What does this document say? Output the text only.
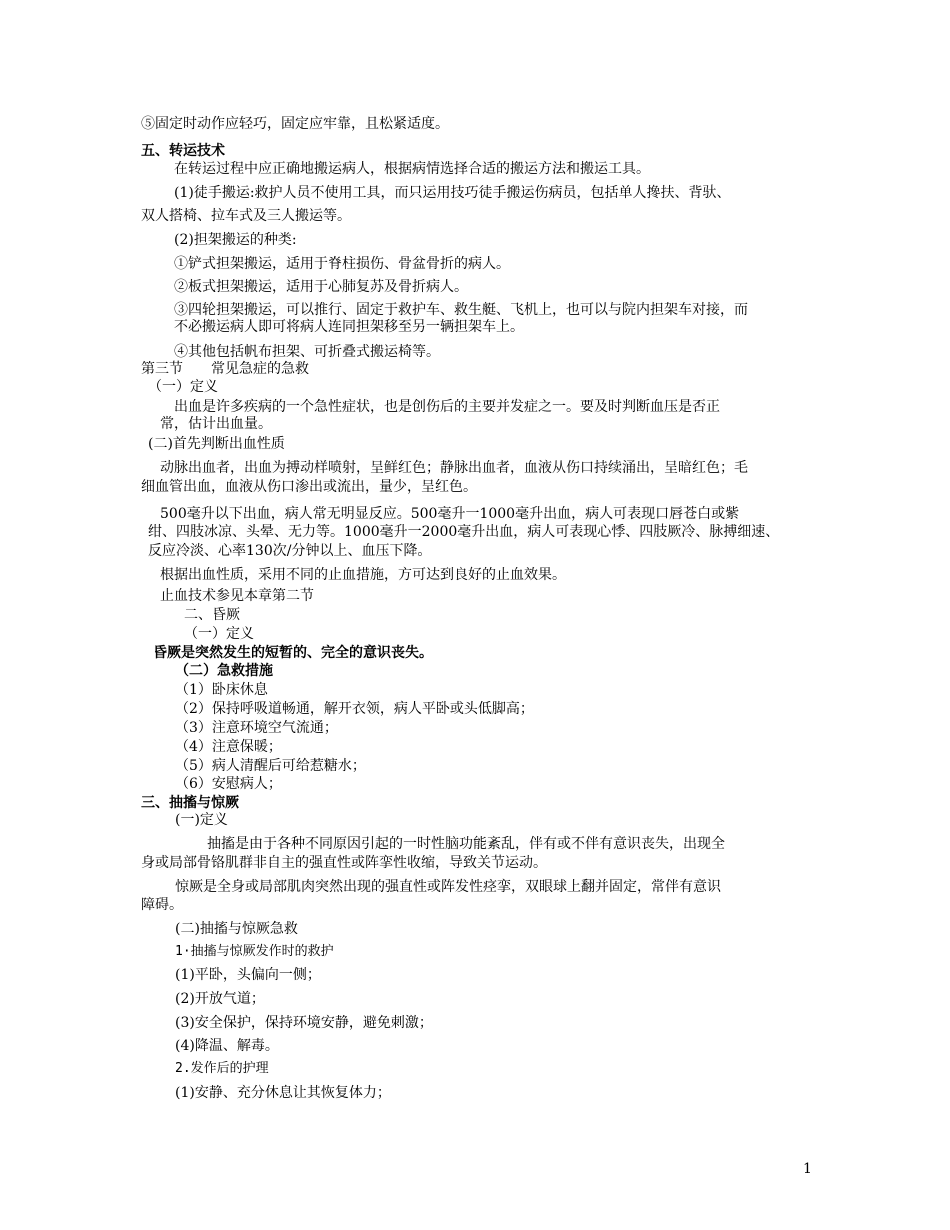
⑤固定时动作应轻巧，固定应牢靠，且松紧适度。
五、转运技术
在转运过程中应正确地搬运病人，根据病情选择合适的搬运方法和搬运工具。
(1)徒手搬运:救护人员不使用工具，而只运用技巧徒手搬运伤病员，包括单人搀扶、背驮、
双人搭椅、拉车式及三人搬运等。
(2)担架搬运的种类:
①铲式担架搬运，适用于脊柱损伤、骨盆骨折的病人。
②板式担架搬运，适用于心肺复苏及骨折病人。
③四轮担架搬运，可以推行、固定于救护车、救生艇、飞机上，也可以与院内担架车对接，而
不必搬运病人即可将病人连同担架移至另一辆担架车上。
④其他包括帆布担架、可折叠式搬运椅等。
第三节　　常见急症的急救
（一）定义
出血是许多疾病的一个急性症状，也是创伤后的主要并发症之一。要及时判断血压是否正
常，估计出血量。
(二)首先判断出血性质
动脉出血者，出血为搏动样喷射，呈鲜红色；静脉出血者，血液从伤口持续涌出，呈暗红色；毛
细血管出血，血液从伤口渗出或流出，量少，呈红色。
500毫升以下出血，病人常无明显反应。500毫升一1000毫升出血，病人可表现口唇苍白或紫
绀、四肢冰凉、头晕、无力等。1000毫升一2000毫升出血，病人可表现心悸、四肢厥冷、脉搏细速、
反应冷淡、心率130次/分钟以上、血压下降。
根据出血性质，采用不同的止血措施，方可达到良好的止血效果。
止血技术参见本章第二节
二、昏厥
（一）定义
昏厥是突然发生的短暂的、完全的意识丧失。
（二）急救措施
（1）卧床休息
（2）保持呼吸道畅通，解开衣领，病人平卧或头低脚高；
（3）注意环境空气流通；
（4）注意保暖；
（5）病人清醒后可给惹糖水；
（6）安慰病人；
三、抽搐与惊厥
(一)定义
抽搐是由于各种不同原因引起的一时性脑功能紊乱，伴有或不伴有意识丧失，出现全
身或局部骨铬肌群非自主的强直性或阵挛性收缩，导致关节运动。
惊厥是全身或局部肌肉突然出现的强直性或阵发性痉挛，双眼球上翻并固定，常伴有意识
障碍。
(二)抽搐与惊厥急救
1·抽搐与惊厥发作时的救护
(1)平卧，头偏向一侧；
(2)开放气道；
(3)安全保护，保持环境安静，避免刺激；
(4)降温、解毒。
2.发作后的护理
(1)安静、充分休息让其恢复体力；
1
